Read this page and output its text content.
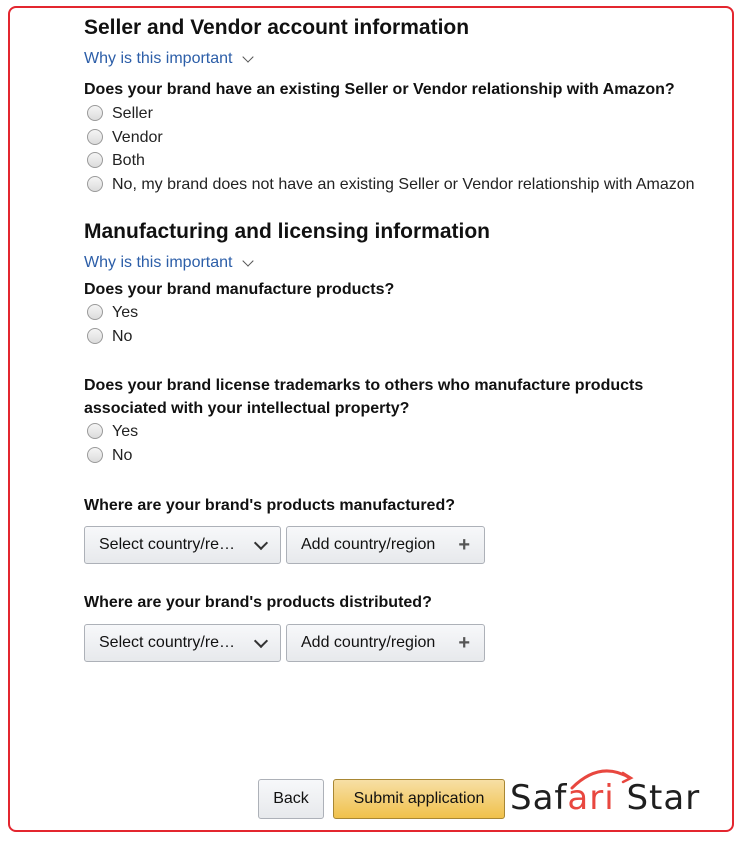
Seller and Vendor account information
Why is this important

Does your brand have an existing Seller or Vendor relationship with Amazon?

Seller
Vendor
Both
No, my brand does not have an existing Seller or Vendor relationship with Amazon
Manufacturing and licensing information
Why is this important

Does your brand manufacture products?

Yes
No

Does your brand license trademarks to others who manufacture products associated with your intellectual property?

Yes
No

Where are your brand's products manufactured?

Select country/re…	Add country/region +

Where are your brand's products distributed?

Select country/re…	Add country/region +
Back	Submit application Safari Star
